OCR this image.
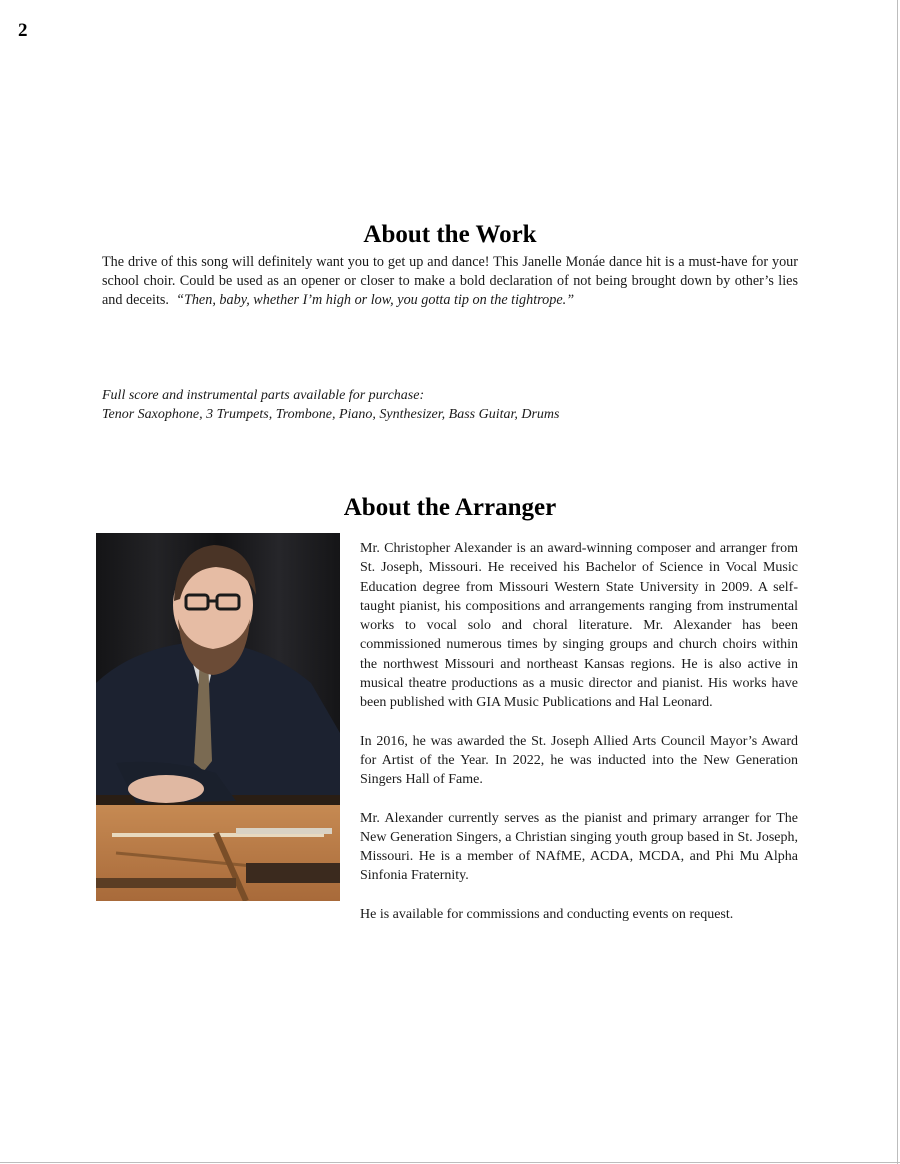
2
About the Work

The drive of this song will definitely want you to get up and dance! This Janelle Monáe dance hit is a must-have for your school choir. Could be used as an opener or closer to make a bold declaration of not being brought down by other’s lies and deceits. “Then, baby, whether I’m high or low, you gotta tip on the tightrope.”

Full score and instrumental parts available for purchase:
Tenor Saxophone, 3 Trumpets, Trombone, Piano, Synthesizer, Bass Guitar, Drums
About the Arranger

Mr. Christopher Alexander is an award-winning composer and arranger from St. Joseph, Missouri. He received his Bachelor of Science in Vocal Music Education degree from Missouri Western State University in 2009. A self-taught pianist, his compositions and arrangements ranging from instrumental works to vocal solo and choral literature. Mr. Alexander has been commissioned numerous times by singing groups and church choirs within the northwest Missouri and northeast Kansas regions. He is also active in musical theatre productions as a music director and pianist. His works have been published with GIA Music Publications and Hal Leonard.

In 2016, he was awarded the St. Joseph Allied Arts Council Mayor’s Award for Artist of the Year. In 2022, he was inducted into the New Generation Singers Hall of Fame.

Mr. Alexander currently serves as the pianist and primary arranger for The New Generation Singers, a Christian singing youth group based in St. Joseph, Missouri. He is a member of NAfME, ACDA, MCDA, and Phi Mu Alpha Sinfonia Fraternity.

He is available for commissions and conducting events on request.
